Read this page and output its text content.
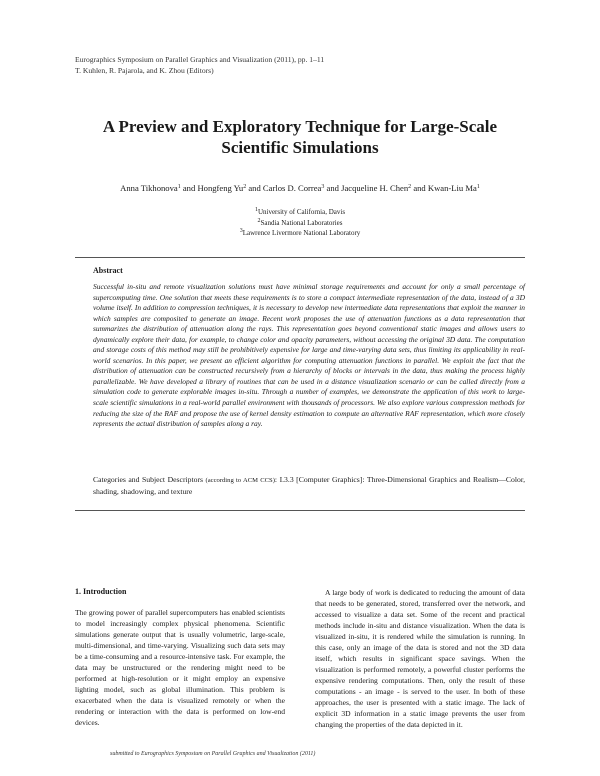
Eurographics Symposium on Parallel Graphics and Visualization (2011), pp. 1–11
T. Kuhlen, R. Pajarola, and K. Zhou (Editors)
A Preview and Exploratory Technique for Large-Scale
Scientific Simulations
Anna Tikhonova$^1$ and Hongfeng Yu$^2$ and Carlos D. Correa$^3$ and Jacqueline H. Chen$^2$ and Kwan-Liu Ma$^1$
$^1$University of California, Davis
$^2$Sandia National Laboratories
$^3$Lawrence Livermore National Laboratory
Abstract

Successful in-situ and remote visualization solutions must have minimal storage requirements and account for only a small percentage of supercomputing time. One solution that meets these requirements is to store a compact intermediate representation of the data, instead of a 3D volume itself. In addition to compression techniques, it is necessary to develop new intermediate data representations that exploit the manner in which samples are composited to generate an image. Recent work proposes the use of attenuation functions as a data representation that summarizes the distribution of attenuation along the rays. This representation goes beyond conventional static images and allows users to dynamically explore their data, for example, to change color and opacity parameters, without accessing the original 3D data. The computation and storage costs of this method may still be prohibitively expensive for large and time-varying data sets, thus limiting its applicability in real-world scenarios. In this paper, we present an efficient algorithm for computing attenuation functions in parallel. We exploit the fact that the distribution of attenuation can be constructed recursively from a hierarchy of blocks or intervals in the data, thus making the process highly parallelizable. We have developed a library of routines that can be used in a distance visualization scenario or can be called directly from a simulation code to generate explorable images in-situ. Through a number of examples, we demonstrate the application of this work to large-scale scientific simulations in a real-world parallel environment with thousands of processors. We also explore various compression methods for reducing the size of the RAF and propose the use of kernel density estimation to compute an alternative RAF representation, which more closely represents the actual distribution of samples along a ray.

Categories and Subject Descriptors (according to ACM CCS): I.3.3 [Computer Graphics]: Three-Dimensional Graphics and Realism—Color, shading, shadowing, and texture

1. Introduction

The growing power of parallel supercomputers has enabled scientists to model increasingly complex physical phenomena. Scientific simulations generate output that is usually volumetric, large-scale, multi-dimensional, and time-varying. Visualizing such data sets may be a time-consuming and a resource-intensive task. For example, the data may be unstructured or the rendering might need to be performed at high-resolution or it might employ an expensive lighting model, such as global illumination. This problem is exacerbated when the data is visualized remotely or when the rendering or interaction with the data is performed on low-end devices.

A large body of work is dedicated to reducing the amount of data that needs to be generated, stored, transferred over the network, and accessed to visualize a data set. Some of the recent and practical methods include in-situ and distance visualization. When the data is visualized in-situ, it is rendered while the simulation is running. In this case, only an image of the data is stored and not the 3D data itself, which results in significant space savings. When the visualization is performed remotely, a powerful cluster performs the expensive rendering computations. Then, only the result of these computations - an image - is served to the user. In both of these approaches, the user is presented with a static image. The lack of explicit 3D information in a static image prevents the user from changing the properties of the data depicted in it.

submitted to Eurographics Symposium on Parallel Graphics and Visualization (2011)
